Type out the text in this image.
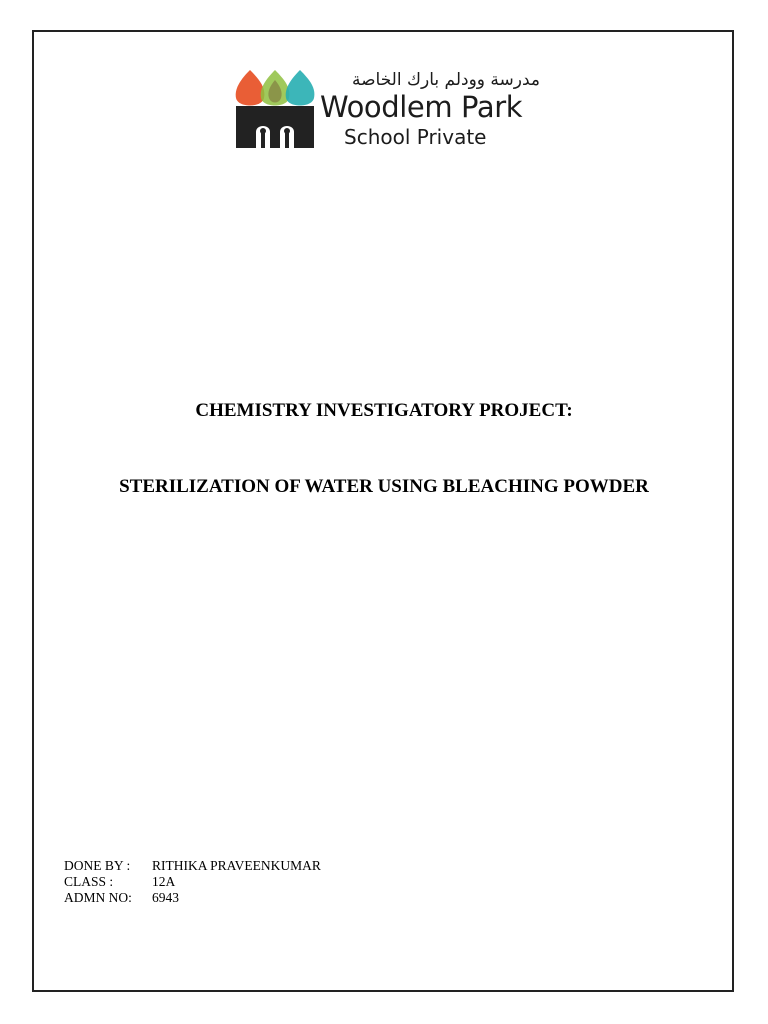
مدرسة وودلم بارك الخاصة
Woodlem Park
School Private
CHEMISTRY INVESTIGATORY PROJECT:
STERILIZATION OF WATER USING BLEACHING POWDER
DONE BY :	RITHIKA PRAVEENKUMAR
CLASS :	12A
ADMN NO:	6943
